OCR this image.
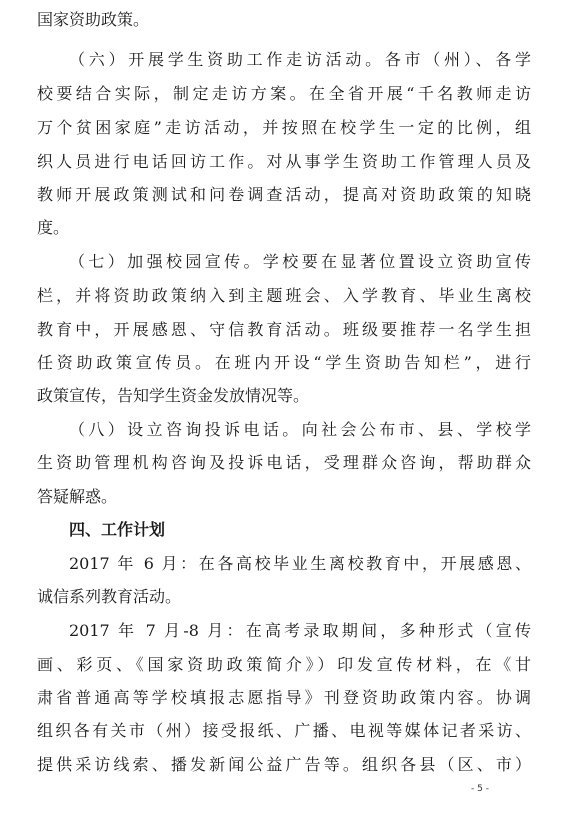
国家资助政策。
（六）开展学生资助工作走访活动。各市（州）、各学
校要结合实际，制定走访方案。在全省开展“千名教师走访
万个贫困家庭”走访活动，并按照在校学生一定的比例，组
织人员进行电话回访工作。对从事学生资助工作管理人员及
教师开展政策测试和问卷调查活动，提高对资助政策的知晓
度。
（七）加强校园宣传。学校要在显著位置设立资助宣传
栏，并将资助政策纳入到主题班会、入学教育、毕业生离校
教育中，开展感恩、守信教育活动。班级要推荐一名学生担
任资助政策宣传员。在班内开设“学生资助告知栏”，进行
政策宣传，告知学生资金发放情况等。
（八）设立咨询投诉电话。向社会公布市、县、学校学
生资助管理机构咨询及投诉电话，受理群众咨询，帮助群众
答疑解惑。
四、工作计划
2017 年 6 月：在各高校毕业生离校教育中，开展感恩、
诚信系列教育活动。
2017 年 7 月-8 月：在高考录取期间，多种形式（宣传
画、彩页、《国家资助政策简介》）印发宣传材料，在《甘
肃省普通高等学校填报志愿指导》刊登资助政策内容。协调
组织各有关市（州）接受报纸、广播、电视等媒体记者采访、
提供采访线索、播发新闻公益广告等。组织各县（区、市）
- 5 -
